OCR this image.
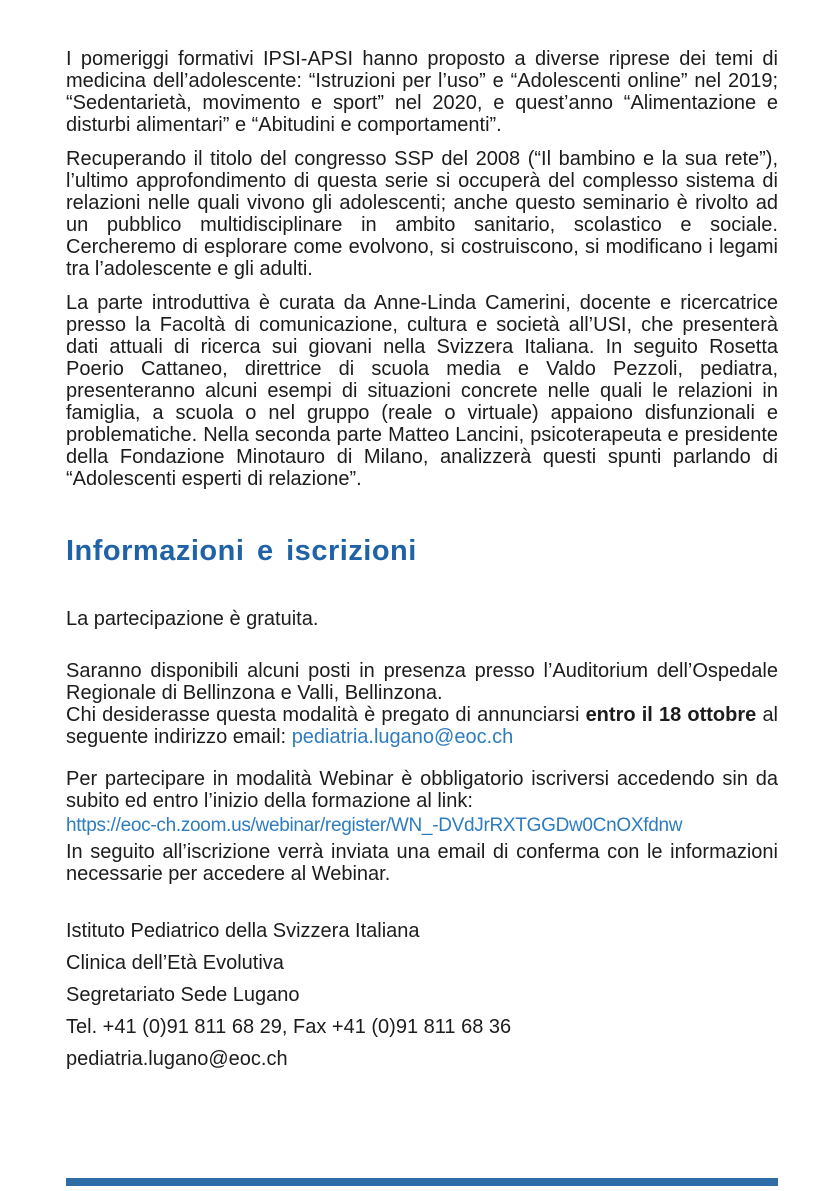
I pomeriggi formativi IPSI-APSI hanno proposto a diverse riprese dei temi di medicina dell’adolescente: “Istruzioni per l’uso” e “Adolescenti online” nel 2019; “Sedentarietà, movimento e sport” nel 2020, e quest’anno “Alimentazione e disturbi alimentari” e “Abitudini e comportamenti”.

Recuperando il titolo del congresso SSP del 2008 (“Il bambino e la sua rete”), l’ultimo approfondimento di questa serie si occuperà del complesso sistema di relazioni nelle quali vivono gli adolescenti; anche questo seminario è rivolto ad un pubblico multidisciplinare in ambito sanitario, scolastico e sociale. Cercheremo di esplorare come evolvono, si costruiscono, si modificano i legami tra l’adolescente e gli adulti.

La parte introduttiva è curata da Anne-Linda Camerini, docente e ricercatrice presso la Facoltà di comunicazione, cultura e società all’USI, che presenterà dati attuali di ricerca sui giovani nella Svizzera Italiana. In seguito Rosetta Poerio Cattaneo, direttrice di scuola media e Valdo Pezzoli, pediatra, presenteranno alcuni esempi di situazioni concrete nelle quali le relazioni in famiglia, a scuola o nel gruppo (reale o virtuale) appaiono disfunzionali e problematiche. Nella seconda parte Matteo Lancini, psicoterapeuta e presidente della Fondazione Minotauro di Milano, analizzerà questi spunti parlando di “Adolescenti esperti di relazione”.

Informazioni e iscrizioni

La partecipazione è gratuita.

Saranno disponibili alcuni posti in presenza presso l’Auditorium dell’Ospedale Regionale di Bellinzona e Valli, Bellinzona.
Chi desiderasse questa modalità è pregato di annunciarsi entro il 18 ottobre al seguente indirizzo email: pediatria.lugano@eoc.ch
Per partecipare in modalità Webinar è obbligatorio iscriversi accedendo sin da subito ed entro l’inizio della formazione al link:
https://eoc-ch.zoom.us/webinar/register/WN_-DVdJrRXTGGDw0CnOXfdnw
In seguito all’iscrizione verrà inviata una email di conferma con le informazioni necessarie per accedere al Webinar.
Istituto Pediatrico della Svizzera Italiana
Clinica dell’Età Evolutiva
Segretariato Sede Lugano
Tel. +41 (0)91 811 68 29, Fax +41 (0)91 811 68 36
pediatria.lugano@eoc.ch
